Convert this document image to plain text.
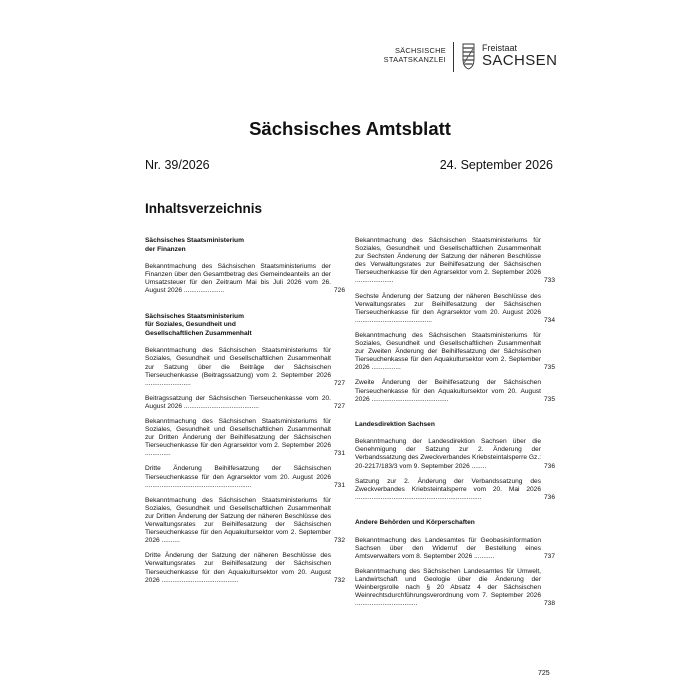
SÄCHSISCHE
STAATSKANZLEI
Freistaat
SACHSEN
Sächsisches Amtsblatt
Nr. 39/2026	24. September 2026
Inhaltsverzeichnis
Sächsisches Staatsministerium
der Finanzen
Bekanntmachung des Sächsischen Staatsministeriums der Finanzen über den Gesamtbetrag des Gemeindeanteils an der Umsatzsteuer für den Zeitraum Mai bis Juli 2026 vom 26. August 2026 ......................	726
Sächsisches Staatsministerium
für Soziales, Gesundheit und
Gesellschaftlichen Zusammenhalt
Bekanntmachung des Sächsischen Staatsministeriums für Soziales, Gesundheit und Gesellschaftlichen Zusammenhalt zur Satzung über die Beiträge der Sächsischen Tierseuchenkasse (Beitragssatzung) vom 2. September 2026 .........................	727
Beitragssatzung der Sächsischen Tierseuchenkasse vom 20. August 2026 .........................................	727
Bekanntmachung des Sächsischen Staatsministeriums für Soziales, Gesundheit und Gesellschaftlichen Zusammenhalt zur Dritten Änderung der Beihilfesatzung der Sächsischen Tierseuchenkasse für den Agrarsektor vom 2. September 2026 ..............	731
Dritte Änderung Beihilfesatzung der Sächsischen Tierseuchenkasse für den Agrarsektor vom 20. August 2026 ..........................................................	731
Bekanntmachung des Sächsischen Staatsministeriums für Soziales, Gesundheit und Gesellschaftlichen Zusammenhalt zur Dritten Änderung der Satzung der näheren Beschlüsse des Verwaltungsrates zur Beihilfesatzung der Sächsischen Tierseuchenkasse für den Aquakultursektor vom 2. September 2026 ..........	732
Dritte Änderung der Satzung der näheren Beschlüsse des Verwaltungsrates zur Beihilfesatzung der Sächsischen Tierseuchenkasse für den Aquakultursektor vom 20. August 2026 ..........................................	732
Bekanntmachung des Sächsischen Staatsministeriums für Soziales, Gesundheit und Gesellschaftlichen Zusammenhalt zur Sechsten Änderung der Satzung der näheren Beschlüsse des Verwaltungsrates zur Beihilfesatzung der Sächsischen Tierseuchenkasse für den Agrarsektor vom 2. September 2026 .....................	733
Sechste Änderung der Satzung der näheren Beschlüsse des Verwaltungsrates zur Beihilfesatzung der Sächsischen Tierseuchenkasse für den Agrarsektor vom 20. August 2026 ..........................................	734
Bekanntmachung des Sächsischen Staatsministeriums für Soziales, Gesundheit und Gesellschaftlichen Zusammenhalt zur Zweiten Änderung der Beihilfesatzung der Sächsischen Tierseuchenkasse für den Aquakultursektor vom 2. September 2026 ................	735
Zweite Änderung der Beihilfesatzung der Sächsischen Tierseuchenkasse für den Aquakultursektor vom 20. August 2026 ..........................................	735
Landesdirektion Sachsen
Bekanntmachung der Landesdirektion Sachsen über die Genehmigung der Satzung zur 2. Änderung der Verbandssatzung des Zweckverbandes Kriebsteintalsperre Gz.: 20-2217/183/3 vom 9. September 2026 ........	736
Satzung zur 2. Änderung der Verbandssatzung des Zweckverbandes Kriebsteintalsperre vom 20. Mai 2026 .....................................................................	736
Andere Behörden und Körperschaften
Bekanntmachung des Landesamtes für Geobasisinformation Sachsen über den Widerruf der Bestellung eines Amtsverwalters vom 8. September 2026 ...........	737
Bekanntmachung des Sächsischen Landesamtes für Umwelt, Landwirtschaft und Geologie über die Änderung der Weinbergsrolle nach § 20 Absatz 4 der Sächsischen Weinrechtsdurchführungsverordnung vom 7. September 2026 ..................................	738
725
